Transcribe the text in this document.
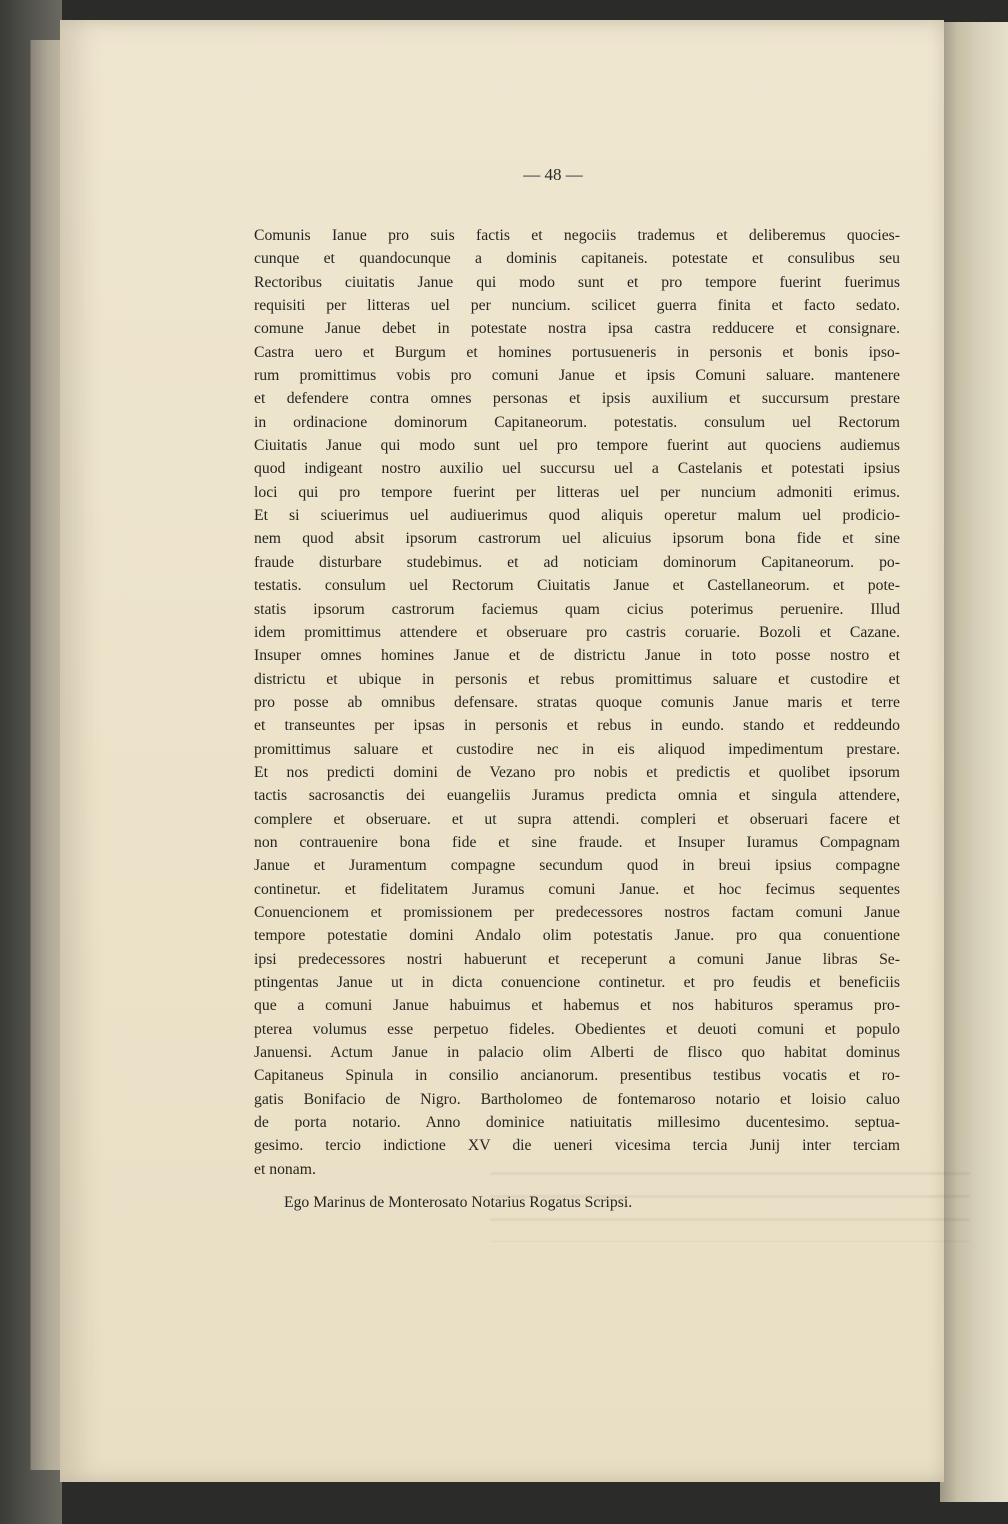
— 48 —
Comunis Ianue pro suis factis et negociis trademus et deliberemus quocies-
cunque et quandocunque a dominis capitaneis. potestate et consulibus seu
Rectoribus ciuitatis Janue qui modo sunt et pro tempore fuerint fuerimus
requisiti per litteras uel per nuncium. scilicet guerra finita et facto sedato.
comune Janue debet in potestate nostra ipsa castra redducere et consignare.
Castra uero et Burgum et homines portusueneris in personis et bonis ipso-
rum promittimus vobis pro comuni Janue et ipsis Comuni saluare. mantenere
et defendere contra omnes personas et ipsis auxilium et succursum prestare
in ordinacione dominorum Capitaneorum. potestatis. consulum uel Rectorum
Ciuitatis Janue qui modo sunt uel pro tempore fuerint aut quociens audiemus
quod indigeant nostro auxilio uel succursu uel a Castelanis et potestati ipsius
loci qui pro tempore fuerint per litteras uel per nuncium admoniti erimus.
Et si sciuerimus uel audiuerimus quod aliquis operetur malum uel prodicio-
nem quod absit ipsorum castrorum uel alicuius ipsorum bona fide et sine
fraude disturbare studebimus. et ad noticiam dominorum Capitaneorum. po-
testatis. consulum uel Rectorum Ciuitatis Janue et Castellaneorum. et pote-
statis ipsorum castrorum faciemus quam cicius poterimus peruenire. Illud
idem promittimus attendere et obseruare pro castris coruarie. Bozoli et Cazane.
Insuper omnes homines Janue et de districtu Janue in toto posse nostro et
districtu et ubique in personis et rebus promittimus saluare et custodire et
pro posse ab omnibus defensare. stratas quoque comunis Janue maris et terre
et transeuntes per ipsas in personis et rebus in eundo. stando et reddeundo
promittimus saluare et custodire nec in eis aliquod impedimentum prestare.
Et nos predicti domini de Vezano pro nobis et predictis et quolibet ipsorum
tactis sacrosanctis dei euangeliis Juramus predicta omnia et singula attendere,
complere et obseruare. et ut supra attendi. compleri et obseruari facere et
non contrauenire bona fide et sine fraude. et Insuper Iuramus Compagnam
Janue et Juramentum compagne secundum quod in breui ipsius compagne
continetur. et fidelitatem Juramus comuni Janue. et hoc fecimus sequentes
Conuencionem et promissionem per predecessores nostros factam comuni Janue
tempore potestatie domini Andalo olim potestatis Janue. pro qua conuentione
ipsi predecessores nostri habuerunt et receperunt a comuni Janue libras Se-
ptingentas Janue ut in dicta conuencione continetur. et pro feudis et beneficiis
que a comuni Janue habuimus et habemus et nos habituros speramus pro-
pterea volumus esse perpetuo fideles. Obedientes et deuoti comuni et populo
Januensi. Actum Janue in palacio olim Alberti de flisco quo habitat dominus
Capitaneus Spinula in consilio ancianorum. presentibus testibus vocatis et ro-
gatis Bonifacio de Nigro. Bartholomeo de fontemaroso notario et loisio caluo
de porta notario. Anno dominice natiuitatis millesimo ducentesimo. septua-
gesimo. tercio indictione XV die ueneri vicesima tercia Junij inter terciam
et nonam.
Ego Marinus de Monterosato Notarius Rogatus Scripsi.
